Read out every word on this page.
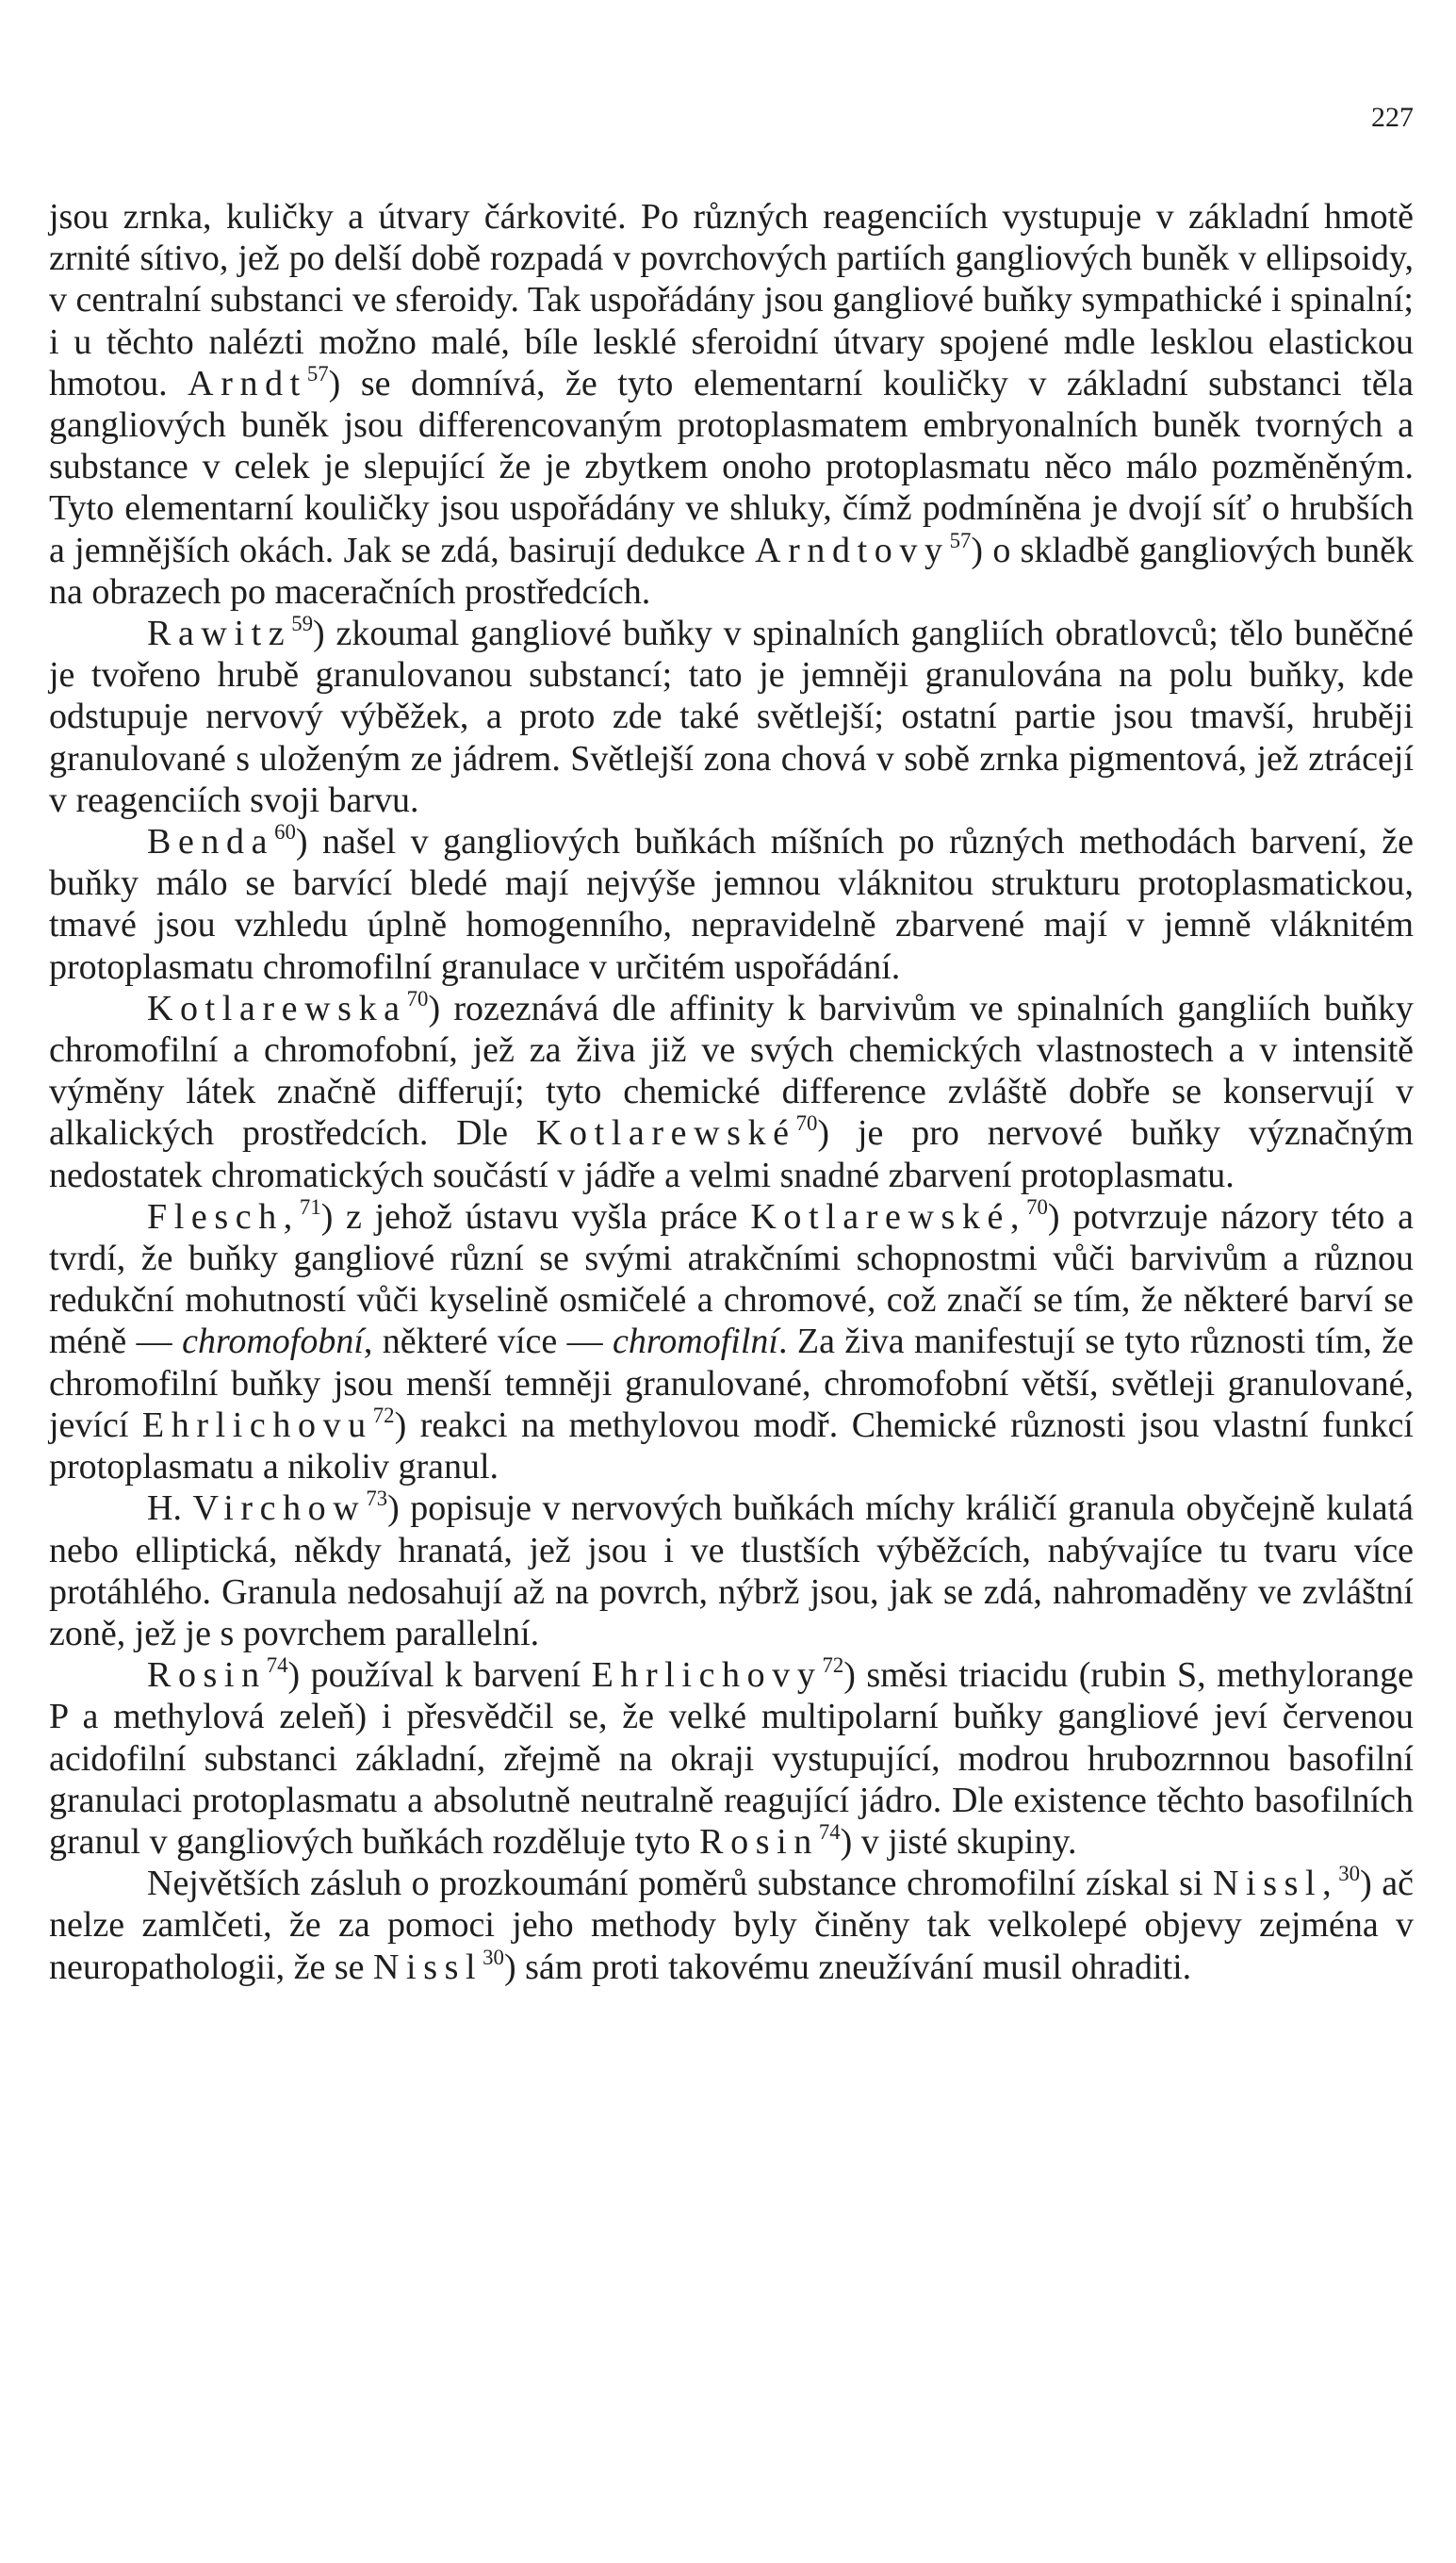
227

jsou zrnka, kuličky a útvary čárkovité. Po různých reagenciích vystupuje v základní hmotě zrnité sítivo, jež po delší době rozpadá v povrchových partiích gangliových buněk v ellipsoidy, v centralní substanci ve sferoidy. Tak uspořádány jsou gangliové buňky sympathické i spinalní; i u těchto nalézti možno malé, bíle lesklé sferoidní útvary spojené mdle lesklou elastickou hmotou. Arndt$^{57}$) se domnívá, že tyto elementarní kouličky v základní substanci těla gangliových buněk jsou differencovaným protoplasmatem embryonalních buněk tvorných a substance v celek je slepující že je zbytkem onoho protoplasmatu něco málo pozměněným. Tyto elementarní kouličky jsou uspořádány ve shluky, čímž podmíněna je dvojí síť o hrubších a jemnějších okách. Jak se zdá, basirují dedukce Arndtovy$^{57}$) o skladbě gangliových buněk na obrazech po maceračních prostředcích.

Rawitz$^{59}$) zkoumal gangliové buňky v spinalních gangliích obratlovců; tělo buněčné je tvořeno hrubě granulovanou substancí; tato je jemněji granulována na polu buňky, kde odstupuje nervový výběžek, a proto zde také světlejší; ostatní partie jsou tmavší, hruběji granulované s uloženým ze jádrem. Světlejší zona chová v sobě zrnka pigmentová, jež ztrácejí v reagenciích svoji barvu.

Benda$^{60}$) našel v gangliových buňkách míšních po různých methodách barvení, že buňky málo se barvící bledé mají nejvýše jemnou vláknitou strukturu protoplasmatickou, tmavé jsou vzhledu úplně homogenního, nepravidelně zbarvené mají v jemně vláknitém protoplasmatu chromofilní granulace v určitém uspořádání.

Kotlarewska$^{70}$) rozeznává dle affinity k barvivům ve spinalních gangliích buňky chromofilní a chromofobní, jež za živa již ve svých chemických vlastnostech a v intensitě výměny látek značně differují; tyto chemické difference zvláště dobře se konservují v alkalických prostředcích. Dle Kotlarewské$^{70}$) je pro nervové buňky význačným nedostatek chromatických součástí v jádře a velmi snadné zbarvení protoplasmatu.

Flesch,$^{71}$) z jehož ústavu vyšla práce Kotlarewské,$^{70}$) potvrzuje názory této a tvrdí, že buňky gangliové různí se svými atrakčními schopnostmi vůči barvivům a různou redukční mohutností vůči kyselině osmičelé a chromové, což značí se tím, že některé barví se méně — chromofobní, některé více — chromofilní. Za živa manifestují se tyto různosti tím, že chromofilní buňky jsou menší temněji granulované, chromofobní větší, světleji granulované, jevící Ehrlichovu$^{72}$) reakci na methylovou modř. Chemické různosti jsou vlastní funkcí protoplasmatu a nikoliv granul.

H. Virchow$^{73}$) popisuje v nervových buňkách míchy králičí granula obyčejně kulatá nebo elliptická, někdy hranatá, jež jsou i ve tlustších výběžcích, nabývajíce tu tvaru více protáhlého. Granula nedosahují až na povrch, nýbrž jsou, jak se zdá, nahromaděny ve zvláštní zoně, jež je s povrchem parallelní.

Rosin$^{74}$) používal k barvení Ehrlichovy$^{72}$) směsi triacidu (rubin S, methylorange P a methylová zeleň) i přesvědčil se, že velké multipolarní buňky gangliové jeví červenou acidofilní substanci základní, zřejmě na okraji vystupující, modrou hrubozrnnou basofilní granulaci protoplasmatu a absolutně neutralně reagující jádro. Dle existence těchto basofilních granul v gangliových buňkách rozděluje tyto Rosin$^{74}$) v jisté skupiny.

Největších zásluh o prozkoumání poměrů substance chromofilní získal si Nissl,$^{30}$) ač nelze zamlčeti, že za pomoci jeho methody byly činěny tak velkolepé objevy zejména v neuropathologii, že se Nissl$^{30}$) sám proti takovému zneužívání musil ohraditi.
